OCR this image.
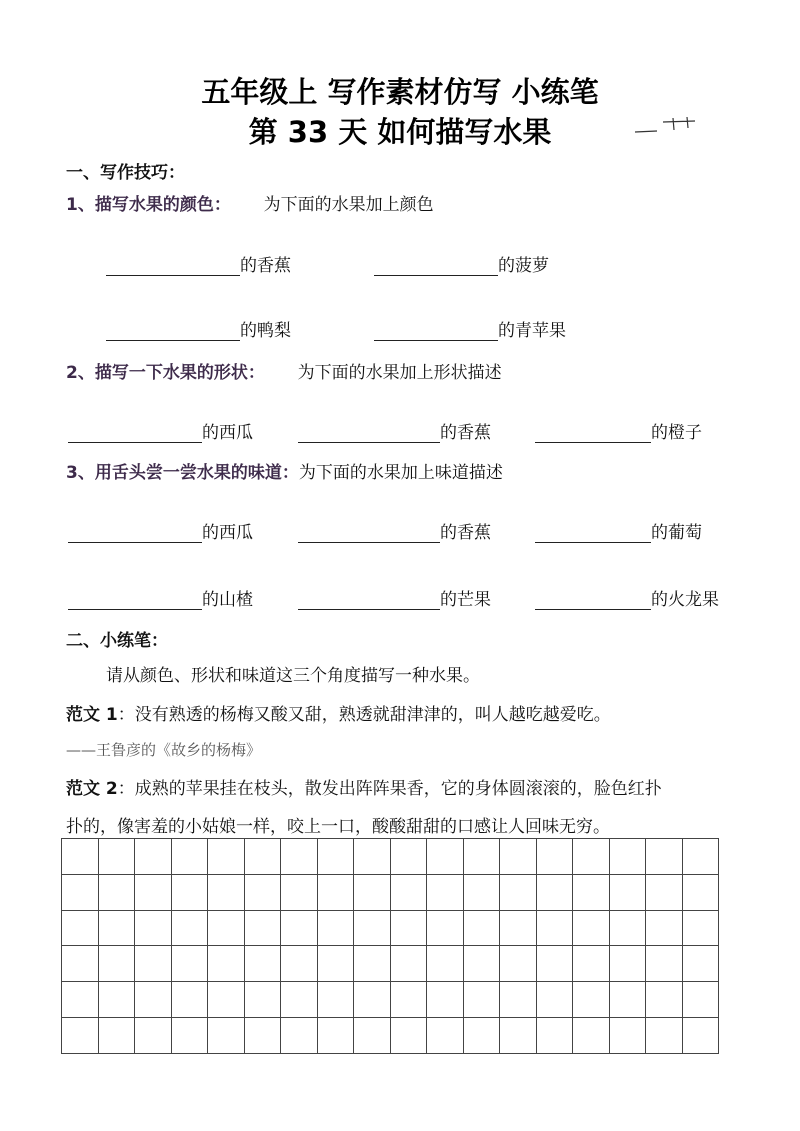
五年级上 写作素材仿写 小练笔
第 33 天 如何描写水果
一、写作技巧：
1、描写水果的颜色： 为下面的水果加上颜色
的香蕉	的菠萝
的鸭梨	的青苹果
2、描写一下水果的形状： 为下面的水果加上形状描述
的西瓜	的香蕉	的橙子
3、用舌头尝一尝水果的味道：为下面的水果加上味道描述
的西瓜	的香蕉	的葡萄
的山楂	的芒果	的火龙果
二、小练笔：
请从颜色、形状和味道这三个角度描写一种水果。
范文 1：没有熟透的杨梅又酸又甜，熟透就甜津津的，叫人越吃越爱吃。
——王鲁彦的《故乡的杨梅》
范文 2：成熟的苹果挂在枝头，散发出阵阵果香，它的身体圆滚滚的，脸色红扑
扑的，像害羞的小姑娘一样，咬上一口，酸酸甜甜的口感让人回味无穷。
